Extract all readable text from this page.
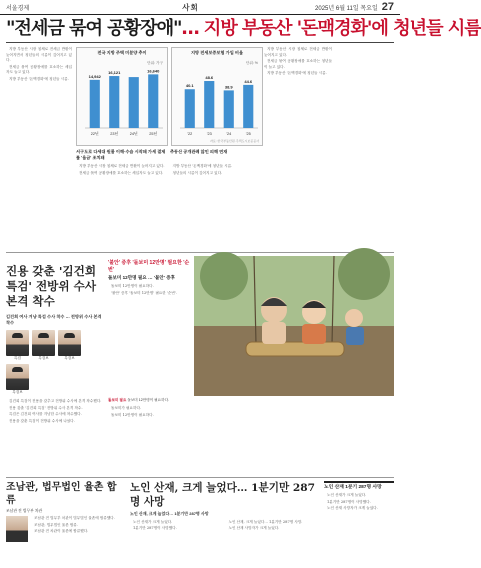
서울경제	사회	2025년 6월 11일 목요일 27
"전세금 묶여 공황장애"… 지방 부동산 '돈맥경화'에 청년들 시름

지방 부동산 시장 침체로 전세금 반환이 늦어지면서 청년들의 시름이 깊어지고 있다.

전세금 묶여 공황장애를 호소하는 세입자도 늘고 있다.

지방 부동산 '돈맥경화'에 청년들 시름.

전국 지방 주택 미분양 추이
단위: 가구
14,942
22년
16,121
23년	24년
16,640
25년
지방 전세보증보험 가입 비율
단위: %
40.1
'22
48.6
'23
38.9
'24
44.6
'25
자료: 한국부동산원·주택도시보증공사
서구도로 다세대 원룸 이해·수습 시작돼 가세 결제를 '율금' 조치돼
추동산 공개관례 않인 피해 연재

지방 부동산 시장 침체로 전세금 반환이 늦어지고 있다.

전세금 묶여 공황장애를 호소하는 세입자도 늘고 있다.

지방 부동산 '돈맥경화'에 청년들 시름.

청년들의 시름이 깊어지고 있다.

지방 부동산 시장 침체로 전세금 반환이 늦어지고 있다.

전세금 묶여 공황장애를 호소하는 청년들이 늘고 있다.

지방 부동산 '돈맥경화'에 청년들 시름.

진용 갖춘 '김건희 특검' 전방위 수사 본격 착수
김건희 여사 겨냥 특검 수사 착수 … 전방위 수사 본격 착수
특검	특검보	특검보
특검보

김건희 특검이 진용을 갖추고 전방위 수사에 본격 착수했다.

진용 갖춘 '김건희 특검' 전방위 수사 본격 착수.

특검은 김건희 여사를 겨냥한 수사에 착수했다.

진용을 갖춘 특검이 전방위 수사에 나섰다.

'불안' 증후 '돌보미 12만명' 필요한 '순번'
돌보미 12만명 필요 … '불안' 증후

돌보미 12만명이 필요하다.

'불안' 증후 '돌보미 12만명' 필요한 '순번'.

돌보미 필요 돌보미 12만명이 필요하다.

돌보미가 필요하다.

돌보미 12만명이 필요하다.

조남관, 법무법인 율촌 합류
조남관 전 법무부 차관

조남관 전 법무부 차관이 법무법인 율촌에 합류했다.

조남관, 법무법인 율촌 합류.

조남관 전 차관이 율촌에 합류했다.

노인 산재, 크게 늘었다… 1분기만 287명 사망
노인 산재, 크게 늘었다… 1분기만 287명 사망

노인 산재가 크게 늘었다.

1분기만 287명이 사망했다.

노인 산재, 크게 늘었다… 1분기만 287명 사망.

노인 산재 사망자가 크게 늘었다.

노인 산재 1분기 287명 사망

노인 산재가 크게 늘었다.

1분기만 287명이 사망했다.

노인 산재 사망자가 크게 늘었다.
